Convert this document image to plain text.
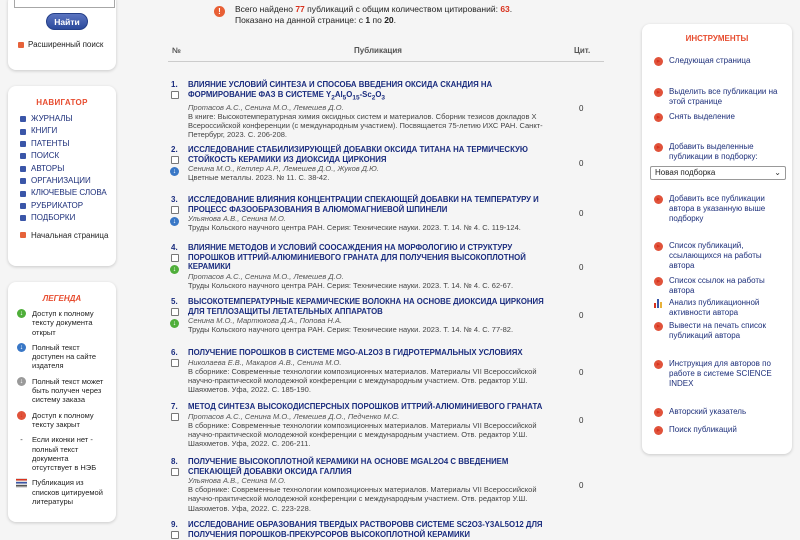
Найти
Расширенный поиск
НАВИГАТОР
ЖУРНАЛЫ
КНИГИ
ПАТЕНТЫ
ПОИСК
АВТОРЫ
ОРГАНИЗАЦИИ
КЛЮЧЕВЫЕ СЛОВА
РУБРИКАТОР
ПОДБОРКИ
Начальная страница
ЛЕГЕНДА
↓	Доступ к полному тексту документа открыт
↓	Полный текст доступен на сайте издателя
↓	Полный текст может быть получен через систему заказа
↓	Доступ к полному тексту закрыт
-	Если иконки нет - полный текст документа отсутствует в НЭБ
Публикация из списков цитируемой литературы
!	Всего найдено 77 публикаций с общим количеством цитирований: 63.
Показано на данной странице: с 1 по 20.
№	Публикация	Цит.
1. ВЛИЯНИЕ УСЛОВИЙ СИНТЕЗА И СПОСОБА ВВЕДЕНИЯ ОКСИДА СКАНДИЯ НА ФОРМИРОВАНИЕ ФАЗ В СИСТЕМЕ $Y_2Al_5O_{15}-Sc_2O_3$
Протасов А.С., Сенина М.О., Лемешев Д.О.
В книге: Высокотемпературная химия оксидных систем и материалов. Сборник тезисов докладов X Всероссийской конференции (с международным участием). Посвящается 75-летию ИХС РАН. Санкт-Петербург, 2023. С. 206-208.
0
2.
↓
ИССЛЕДОВАНИЕ СТАБИЛИЗИРУЮЩЕЙ ДОБАВКИ ОКСИДА ТИТАНА НА ТЕРМИЧЕСКУЮ СТОЙКОСТЬ КЕРАМИКИ ИЗ ДИОКСИДА ЦИРКОНИЯ
Сенина М.О., Кетлер А.Р., Лемешев Д.О., Жуков Д.Ю.
Цветные металлы. 2023. № 11. С. 38-42.
0
3.
↓
ИССЛЕДОВАНИЕ ВЛИЯНИЯ КОНЦЕНТРАЦИИ СПЕКАЮЩЕЙ ДОБАВКИ НА ТЕМПЕРАТУРУ И ПРОЦЕСС ФАЗООБРАЗОВАНИЯ В АЛЮМОМАГНИЕВОЙ ШПИНЕЛИ
Ульянова А.В., Сенина М.О.
Труды Кольского научного центра РАН. Серия: Технические науки. 2023. Т. 14. № 4. С. 119-124.
0
4.
↓
ВЛИЯНИЕ МЕТОДОВ И УСЛОВИЙ СООСАЖДЕНИЯ НА МОРФОЛОГИЮ И СТРУКТУРУ ПОРОШКОВ ИТТРИЙ-АЛЮМИНИЕВОГО ГРАНАТА ДЛЯ ПОЛУЧЕНИЯ ВЫСОКОПЛОТНОЙ КЕРАМИКИ
Протасов А.С., Сенина М.О., Лемешев Д.О.
Труды Кольского научного центра РАН. Серия: Технические науки. 2023. Т. 14. № 4. С. 62-67.
0
5.
↓
ВЫСОКОТЕМПЕРАТУРНЫЕ КЕРАМИЧЕСКИЕ ВОЛОКНА НА ОСНОВЕ ДИОКСИДА ЦИРКОНИЯ ДЛЯ ТЕПЛОЗАЩИТЫ ЛЕТАТЕЛЬНЫХ АППАРАТОВ
Сенина М.О., Мартюкова Д.А., Попова Н.А.
Труды Кольского научного центра РАН. Серия: Технические науки. 2023. Т. 14. № 4. С. 77-82.
0
6. ПОЛУЧЕНИЕ ПОРОШКОВ В СИСТЕМЕ MGO-AL2O3 В ГИДРОТЕРМАЛЬНЫХ УСЛОВИЯХ
Николаева Е.В., Макаров А.В., Сенина М.О.
В сборнике: Современные технологии композиционных материалов. Материалы VII Всероссийской научно-практической молодежной конференции с международным участием. Отв. редактор У.Ш. Шаяхметов. Уфа, 2022. С. 185-190.
0
7. МЕТОД СИНТЕЗА ВЫСОКОДИСПЕРСНЫХ ПОРОШКОВ ИТТРИЙ-АЛЮМИНИЕВОГО ГРАНАТА
Протасов А.С., Сенина М.О., Лемешев Д.О., Педченко М.С.
В сборнике: Современные технологии композиционных материалов. Материалы VII Всероссийской научно-практической молодежной конференции с международным участием. Отв. редактор У.Ш. Шаяхметов. Уфа, 2022. С. 206-211.
0
8. ПОЛУЧЕНИЕ ВЫСОКОПЛОТНОЙ КЕРАМИКИ НА ОСНОВЕ MGAL2O4 С ВВЕДЕНИЕМ СПЕКАЮЩЕЙ ДОБАВКИ ОКСИДА ГАЛЛИЯ
Ульянова А.В., Сенина М.О.
В сборнике: Современные технологии композиционных материалов. Материалы VII Всероссийской научно-практической молодежной конференции с международным участием. Отв. редактор У.Ш. Шаяхметов. Уфа, 2022. С. 223-228.
0
9. ИССЛЕДОВАНИЕ ОБРАЗОВАНИЯ ТВЕРДЫХ РАСТВОРОВВ СИСТЕМЕ SC2O3-Y3AL5O12 ДЛЯ ПОЛУЧЕНИЯ ПОРОШКОВ-ПРЕКУРСОРОВ ВЫСОКОПЛОТНОЙ КЕРАМИКИ
ИНСТРУМЕНТЫ
▸	Следующая страница
▸	Выделить все публикации на этой странице
▸	Снять выделение
▸	Добавить выделенные публикации в подборку:
Новая подборка	⌄
▸	Добавить все публикации автора в указанную выше подборку
▸	Список публикаций, ссылающихся на работы автора
▸	Список ссылок на работы автора
Анализ публикационной активности автора
▸	Вывести на печать список публикаций автора
▸	Инструкция для авторов по работе в системе SCIENCE INDEX
▸	Авторский указатель
▸	Поиск публикаций
